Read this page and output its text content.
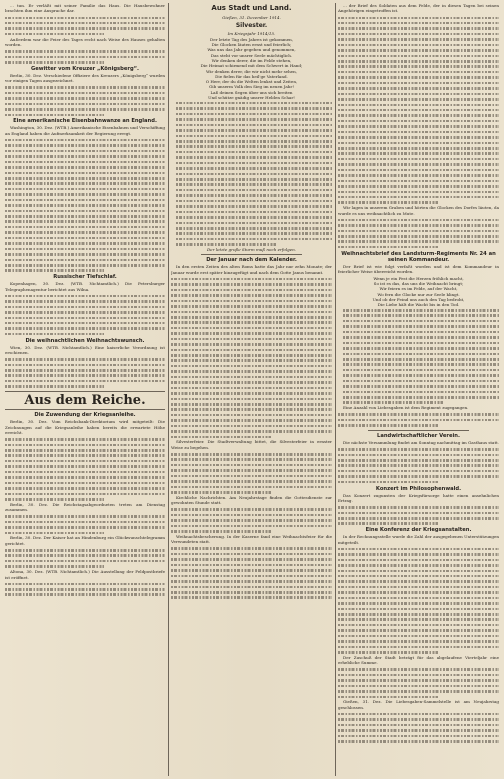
... tun. Er verläßt mit seiner Familie das Haus. Die Hausbewohner brachten ihm eine Ansprache dar.

Außerdem war die Feier des Tages recht nach Weise des Hauses gehalten worden.

Gewitter vom Kreuzer „Königsberg“.

Berlin, 30. Dez. Verschiedene Offiziere des Kreuzers „Königsberg“ wurden vor einigen Tagen ausgezeichnet.

Eine amerikanische Eisenbahnwanze an England.

Washington, 30. Dez. (WTB.) Amerikanische Eisenbahnen und Verschiffung an England haben die Aufmerksamkeit der Regierung erregt.

Russischer Tiefschlaf.

Kopenhagen, 30. Dez. (WTB. Nichtamtlich.) Die Petersburger Telegraphenagentur berichtet aus Wilna.

Die weihnachtlichen Weihnachtswunsch.

Wien, 30. Dez. (WTB. Nichtamtlich.) Eine kaiserliche Verordnung ist erschienen.

Aus dem Reiche.
Die Zuwendung der Kriegsanleihe.

Berlin, 30. Dez. Vom Reichsbank-Direktorium wird mitgeteilt: Die Zeichnungen auf die Kriegsanleihe haben bereits die erwartete Höhe erreicht.

Berlin, 30. Dez. Die Reichstagsabgeordneten treten am Dienstag zusammen.

Berlin, 30. Dez. Der Kaiser hat an Hindenburg ein Glückwunschtelegramm gerichtet.

Altona, 30. Dez. (WTB. Nichtamtlich.) Die Ausstellung der Feldpostbriefe ist eröffnet.

Aus Stadt und Land.
Gießen, 31. Dezember 1914.
Silvester.
Im Kriegsjahr 1914/15.
Der letzte Tag des Jahres ist gekommen,
Die Glocken läuten ernst und feierlich;
Was uns das Jahr gegeben und genommen,
Das steht vor unsrer Seele mächtiglich.
Wir denken derer, die im Felde stehen,
Die Heimat schirmend mit dem Schwert in Hand;
Wir denken derer, die wir nicht mehr sehen,
Die fielen für das heil'ge Vaterland.
O Herr, der du die Welten lenkst und Zeiten,
Gib unserm Volk den Sieg im neuen Jahr!
Laß deinen Segen über uns sich breiten
Und schütze gnädig unsrer Helden Schar!
Der letzte große Sturm muß noch erfolgen.
Der Januar nach dem Kalender.

In den ersten Zeiten des alten Roms hatte das Jahr nur zehn Monate; der Januar wurde erst später hinzugefügt und nach dem Gotte Janus benannt.

Silvesterfeier. Die Stadtverwaltung bittet, die Silvesterfeier in ernster Weise zu begehen.

Kirchliche Nachrichten. Am Neujahrstage finden die Gottesdienste zur gewohnten Stunde statt.

Weihnachtsbescherung. In der Kaserne fand eine Weihnachtsfeier für die Verwundeten statt.

... der Brief des Soldaten aus dem Felde, der in diesen Tagen bei seinen Angehörigen eingetroffen ist.

Wir lagen in unserem Graben und hörten die Glocken des Dorfes läuten, da wurde es uns weihnachtlich zu Mute.

Weihnachtsbrief des Landsturm-Regiments Nr. 24 an seinen Kommandeur.

Der Brief ist wie folgt verfaßt worden und ist dem Kommandeur in feierlicher Weise überreicht worden.

Wenn je ein Fest die Herzen fröhlich macht,
So ist es das, das uns die Weihnacht bringt;
Wir feiern es im Felde, auf der Wacht,
Wo fern die Glocke nur zur Seele klingt.
Und ob der Feind uns auch den Tag bedroht,
Die Liebe hält die Wacht bis in den Tod.

Eine Anzahl von Liebesgaben ist dem Regiment zugegangen.

Landwirtschaftlicher Verein.

Die nächste Versammlung findet am Sonntag nachmittag im Gasthaus statt.

Konzert im Philosophenwald.

Das Konzert zugunsten der Kriegsfürsorge hatte einen ansehnlichen Ertrag.

Eine Konferenz der Kriegsanstalten.

In der Rechnungsstelle wurde die Zahl der ausgegebenen Unterstützungen mitgeteilt.

Der Zuschuß der Stadt beträgt für das abgelaufene Vierteljahr eine erhebliche Summe.

Gießen, 31. Dez. Die Liebesgaben-Sammelstelle ist am Neujahrstag geschlossen.
